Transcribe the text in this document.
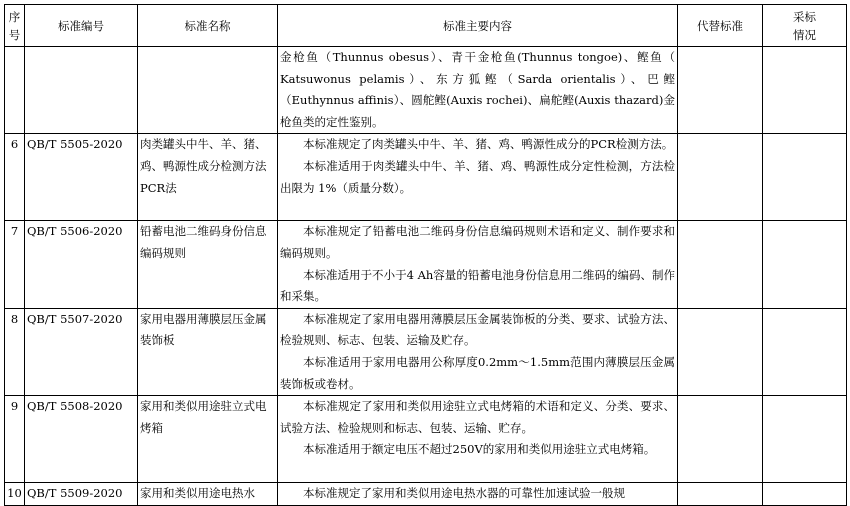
序号	标准编号	标准名称	标准主要内容	代替标准	采标情况

			金枪鱼（Thunnus obesus）、青干金枪鱼(Thunnus tongoe)、鲣鱼（ Katsuwonus pelamis）、东方狐鲣（Sarda orientalis）、巴鲣（Euthynnus affinis）、圆舵鲣(Auxis rochei)、扁舵鲣(Auxis thazard)金枪鱼类的定性鉴别。		

6	QB/T 5505-2020	肉类罐头中牛、羊、猪、鸡、鸭源性成分检测方法PCR法	本标准规定了肉类罐头中牛、羊、猪、鸡、鸭源性成分的PCR检测方法。

本标准适用于肉类罐头中牛、羊、猪、鸡、鸭源性成分定性检测，方法检出限为 1%（质量分数）。		

7	QB/T 5506-2020	铅蓄电池二维码身份信息编码规则	本标准规定了铅蓄电池二维码身份信息编码规则术语和定义、制作要求和编码规则。

本标准适用于不小于4 Ah容量的铅蓄电池身份信息用二维码的编码、制作和采集。		

8	QB/T 5507-2020	家用电器用薄膜层压金属装饰板	本标准规定了家用电器用薄膜层压金属装饰板的分类、要求、试验方法、检验规则、标志、包装、运输及贮存。

本标准适用于家用电器用公称厚度0.2mm～1.5mm范围内薄膜层压金属装饰板或卷材。		

9	QB/T 5508-2020	家用和类似用途驻立式电烤箱	本标准规定了家用和类似用途驻立式电烤箱的术语和定义、分类、要求、试验方法、检验规则和标志、包装、运输、贮存。

本标准适用于额定电压不超过250V的家用和类似用途驻立式电烤箱。		

10	QB/T 5509-2020	家用和类似用途电热水	本标准规定了家用和类似用途电热水器的可靠性加速试验一般规		
